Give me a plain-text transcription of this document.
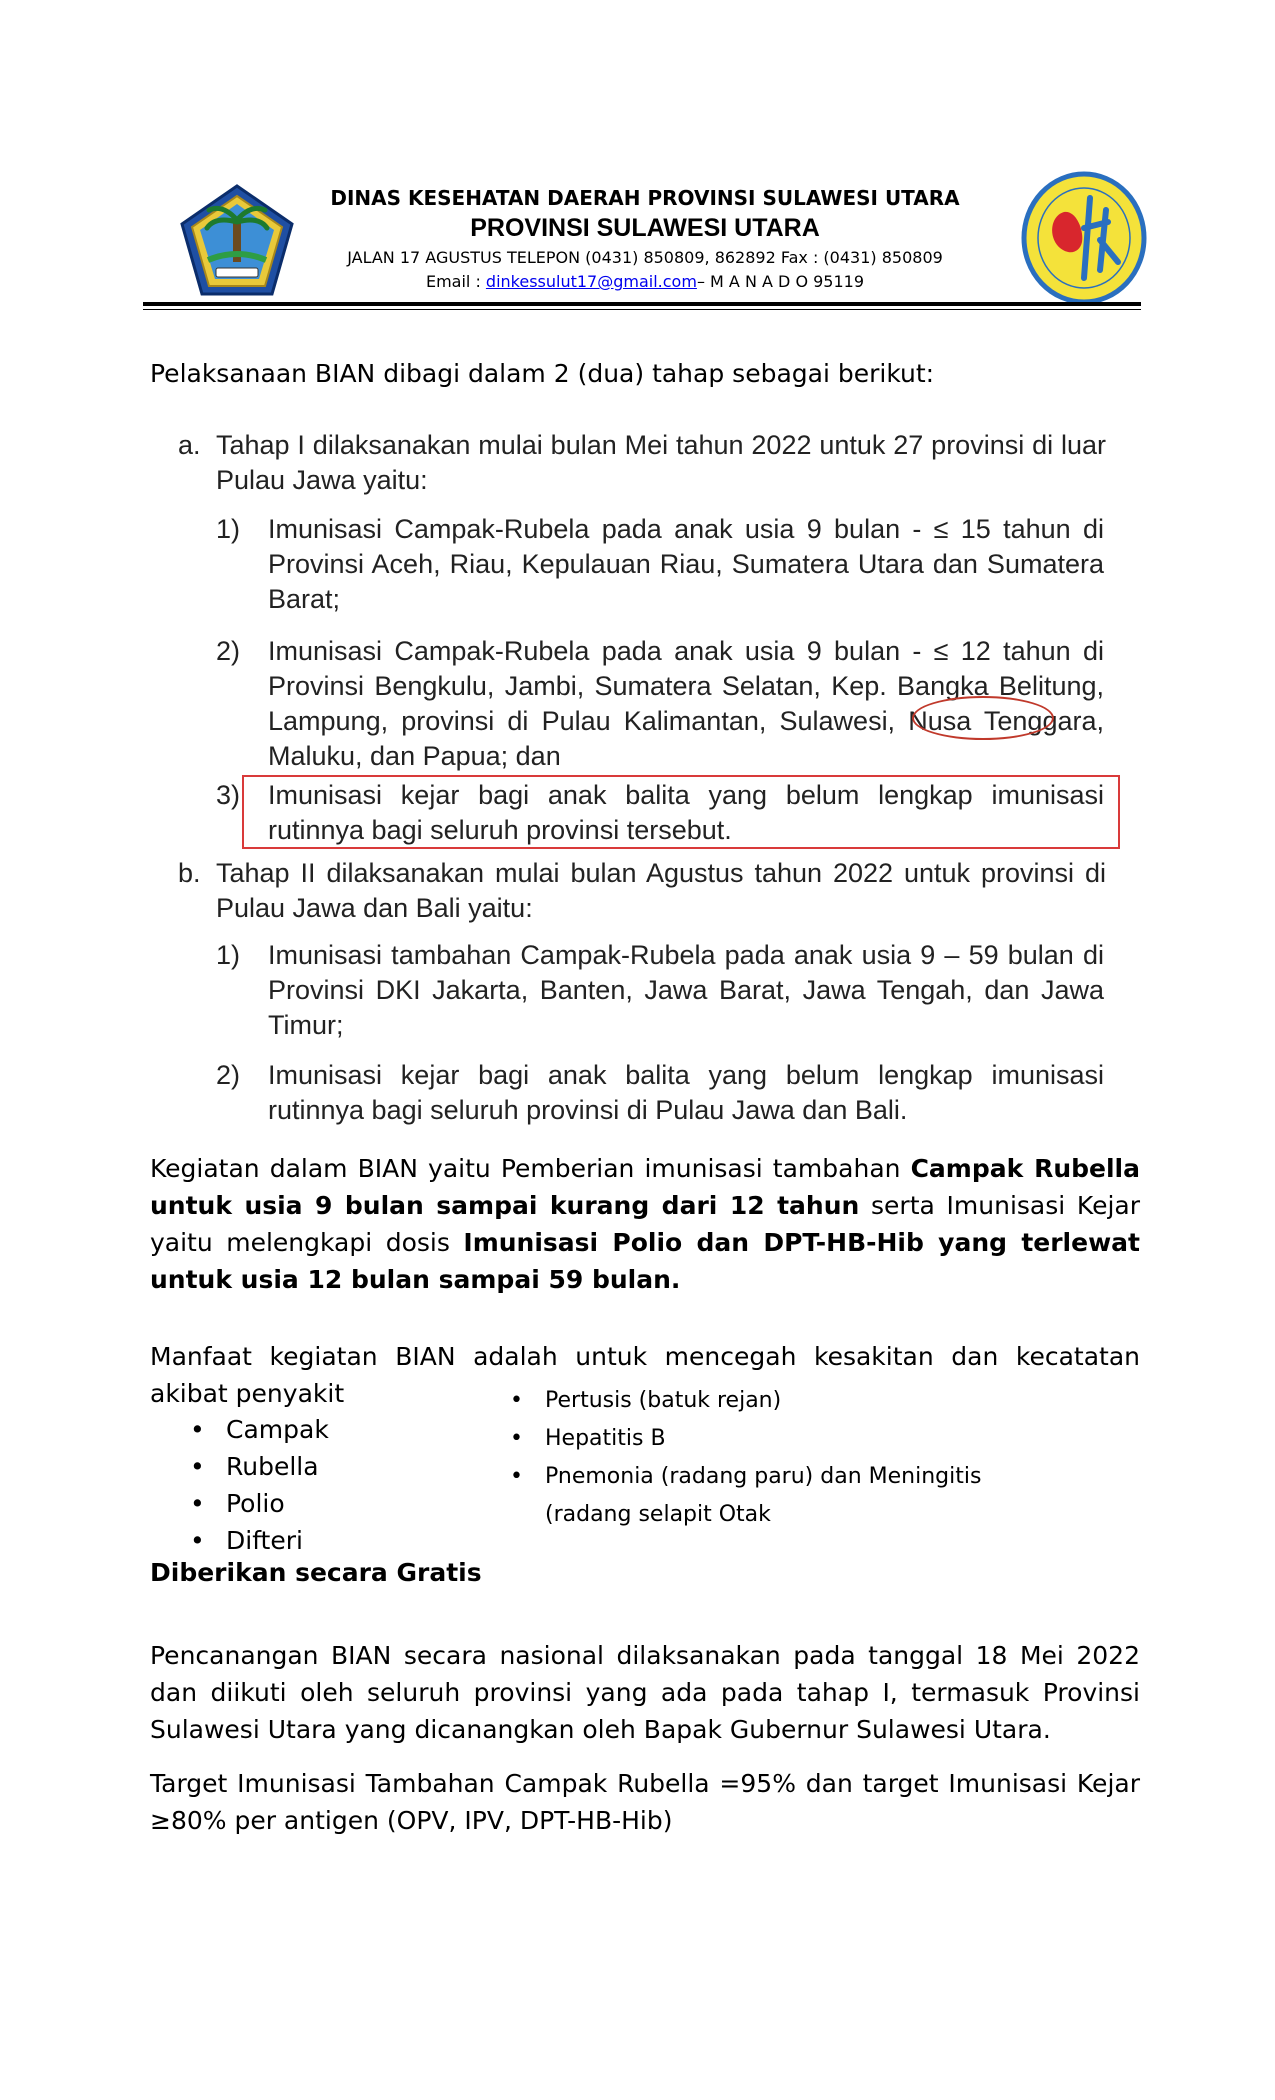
DINAS KESEHATAN DAERAH PROVINSI SULAWESI UTARA
PROVINSI SULAWESI UTARA
JALAN 17 AGUSTUS TELEPON (0431) 850809, 862892 Fax : (0431) 850809
Email : dinkessulut17@gmail.com– M A N A D O 95119
Pelaksanaan BIAN dibagi dalam 2 (dua) tahap sebagai berikut:
a. Tahap I dilaksanakan mulai bulan Mei tahun 2022 untuk 27 provinsi di luar Pulau Jawa yaitu:
1) Imunisasi Campak-Rubela pada anak usia 9 bulan - ≤ 15 tahun di Provinsi Aceh, Riau, Kepulauan Riau, Sumatera Utara dan Sumatera Barat;
2) Imunisasi Campak-Rubela pada anak usia 9 bulan - ≤ 12 tahun di Provinsi Bengkulu, Jambi, Sumatera Selatan, Kep. Bangka Belitung, Lampung, provinsi di Pulau Kalimantan, Sulawesi, Nusa Tenggara, Maluku, dan Papua; dan
3) Imunisasi kejar bagi anak balita yang belum lengkap imunisasi rutinnya bagi seluruh provinsi tersebut.
b. Tahap II dilaksanakan mulai bulan Agustus tahun 2022 untuk provinsi di Pulau Jawa dan Bali yaitu:
1) Imunisasi tambahan Campak-Rubela pada anak usia 9 – 59 bulan di Provinsi DKI Jakarta, Banten, Jawa Barat, Jawa Tengah, dan Jawa Timur;
2) Imunisasi kejar bagi anak balita yang belum lengkap imunisasi rutinnya bagi seluruh provinsi di Pulau Jawa dan Bali.
Kegiatan dalam BIAN yaitu Pemberian imunisasi tambahan Campak Rubella untuk usia 9 bulan sampai kurang dari 12 tahun serta Imunisasi Kejar yaitu melengkapi dosis Imunisasi Polio dan DPT-HB-Hib yang terlewat untuk usia 12 bulan sampai 59 bulan.
Manfaat kegiatan BIAN adalah untuk mencegah kesakitan dan kecatatan akibat penyakit
• Campak
• Rubella
• Polio
• Difteri
• Pertusis (batuk rejan)
• Hepatitis B
• Pnemonia (radang paru) dan Meningitis (radang selapit Otak
Diberikan secara Gratis
Pencanangan BIAN secara nasional dilaksanakan pada tanggal 18 Mei 2022 dan diikuti oleh seluruh provinsi yang ada pada tahap I, termasuk Provinsi Sulawesi Utara yang dicanangkan oleh Bapak Gubernur Sulawesi Utara.
Target Imunisasi Tambahan Campak Rubella =95% dan target Imunisasi Kejar ≥80% per antigen (OPV, IPV, DPT-HB-Hib)
